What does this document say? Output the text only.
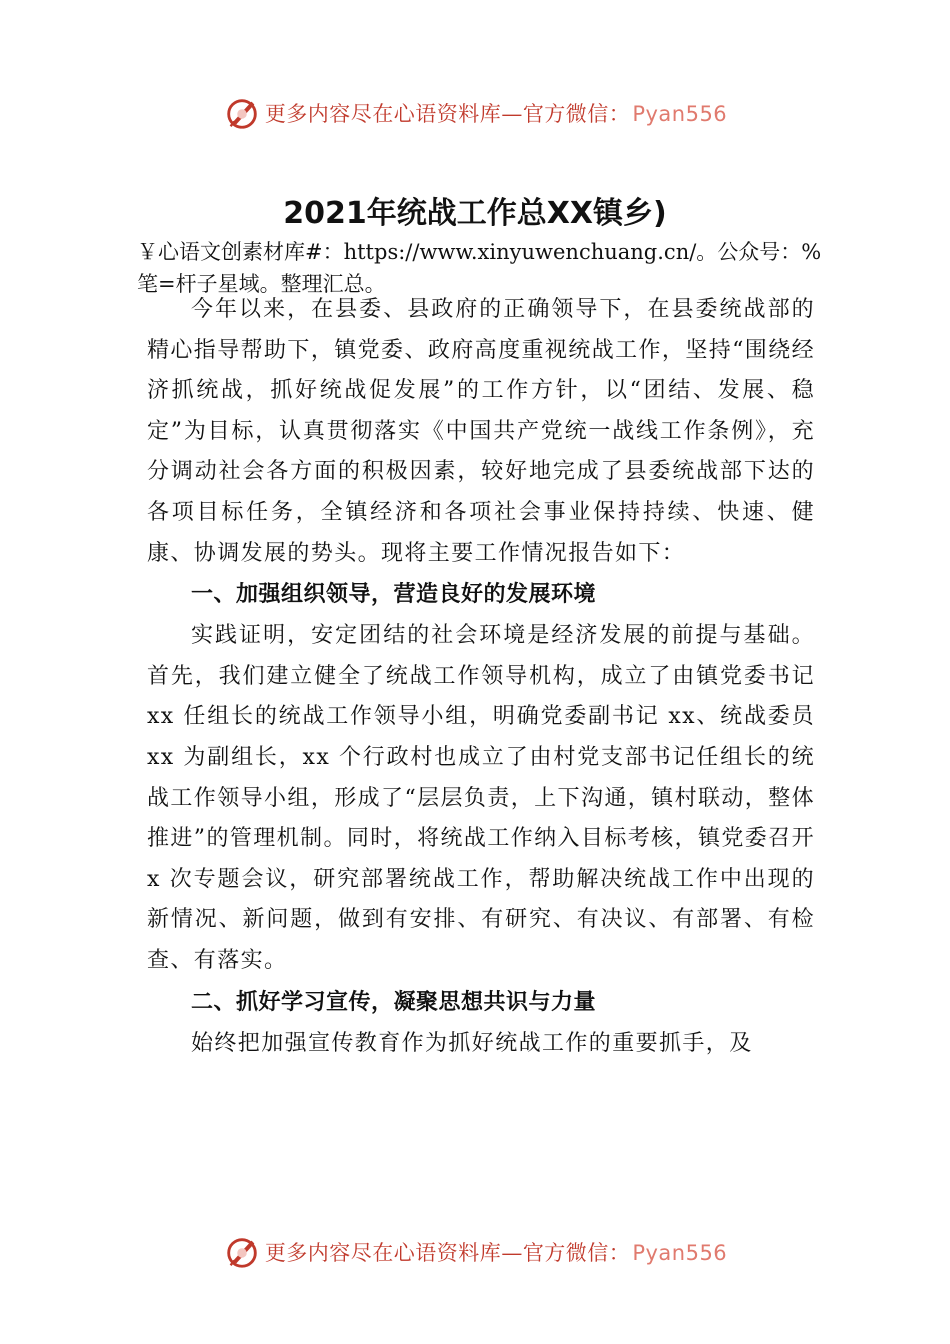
更多内容尽在心语资料库—官方微信：Pyan556
2021年统战工作总XX镇乡)
￥心语文创素材库#：https://www.xinyuwenchuang.cn/。公众号：%笔=杆子星域。整理汇总。

今年以来，在县委、县政府的正确领导下，在县委统战部的精心指导帮助下，镇党委、政府高度重视统战工作，坚持“围绕经济抓统战，抓好统战促发展”的工作方针，以“团结、发展、稳定”为目标，认真贯彻落实《中国共产党统一战线工作条例》，充分调动社会各方面的积极因素，较好地完成了县委统战部下达的各项目标任务，全镇经济和各项社会事业保持持续、快速、健康、协调发展的势头。现将主要工作情况报告如下：

一、加强组织领导，营造良好的发展环境

实践证明，安定团结的社会环境是经济发展的前提与基础。首先，我们建立健全了统战工作领导机构，成立了由镇党委书记 xx 任组长的统战工作领导小组，明确党委副书记 xx、统战委员 xx 为副组长，xx 个行政村也成立了由村党支部书记任组长的统战工作领导小组，形成了“层层负责，上下沟通，镇村联动，整体推进”的管理机制。同时，将统战工作纳入目标考核，镇党委召开 x 次专题会议，研究部署统战工作，帮助解决统战工作中出现的新情况、新问题，做到有安排、有研究、有决议、有部署、有检查、有落实。

二、抓好学习宣传，凝聚思想共识与力量

始终把加强宣传教育作为抓好统战工作的重要抓手，及

更多内容尽在心语资料库—官方微信：Pyan556
